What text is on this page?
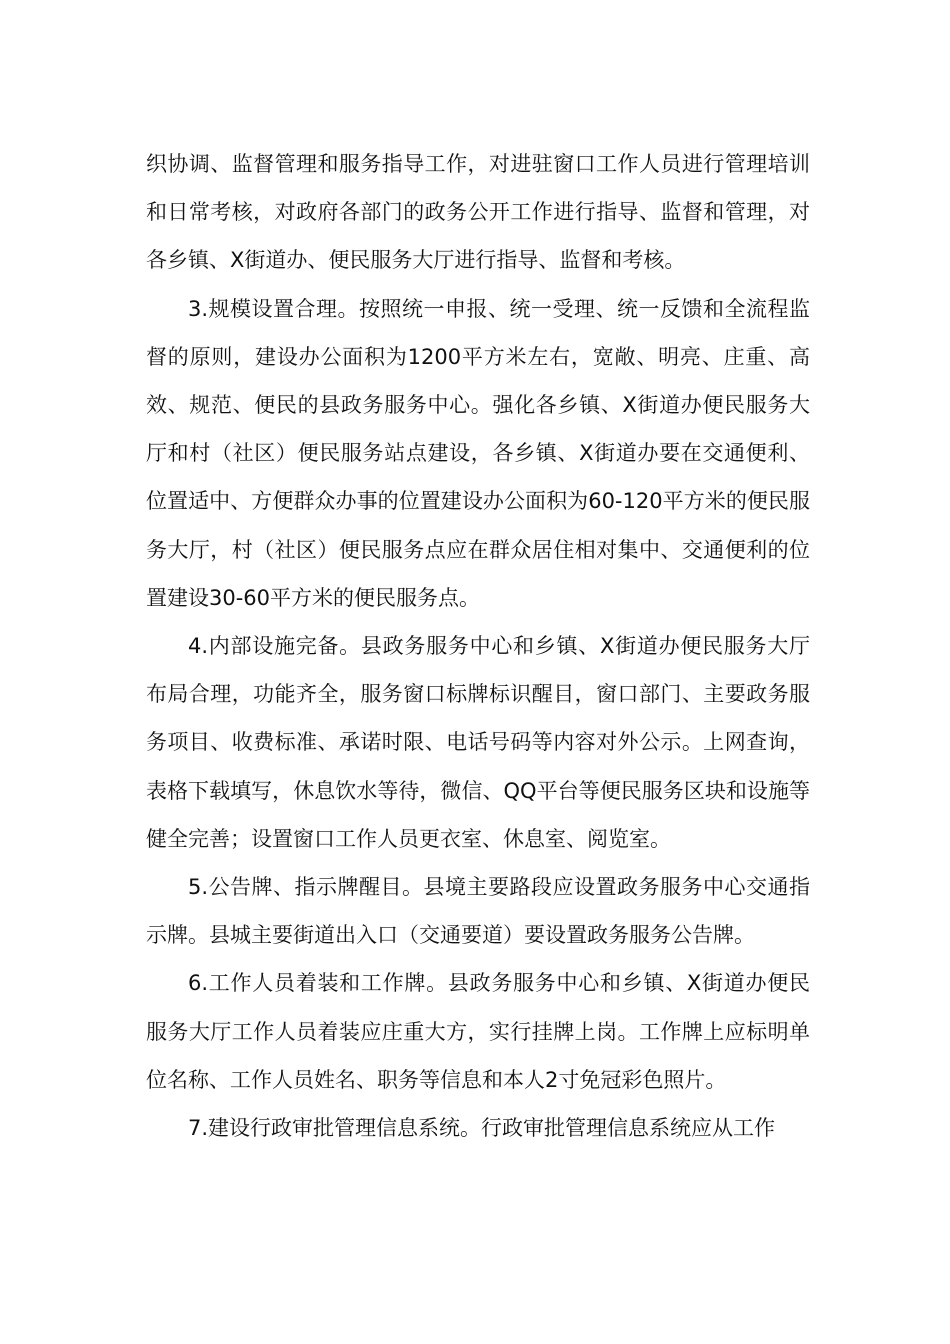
织协调、监督管理和服务指导工作，对进驻窗口工作人员进行管理培训和日常考核，对政府各部门的政务公开工作进行指导、监督和管理，对各乡镇、X街道办、便民服务大厅进行指导、监督和考核。

3.规模设置合理。按照统一申报、统一受理、统一反馈和全流程监督的原则，建设办公面积为1200平方米左右，宽敞、明亮、庄重、高效、规范、便民的县政务服务中心。强化各乡镇、X街道办便民服务大厅和村（社区）便民服务站点建设，各乡镇、X街道办要在交通便利、位置适中、方便群众办事的位置建设办公面积为60-120平方米的便民服务大厅，村（社区）便民服务点应在群众居住相对集中、交通便利的位置建设30-60平方米的便民服务点。

4.内部设施完备。县政务服务中心和乡镇、X街道办便民服务大厅布局合理，功能齐全，服务窗口标牌标识醒目，窗口部门、主要政务服务项目、收费标准、承诺时限、电话号码等内容对外公示。上网查询，表格下载填写，休息饮水等待，微信、QQ平台等便民服务区块和设施等健全完善；设置窗口工作人员更衣室、休息室、阅览室。

5.公告牌、指示牌醒目。县境主要路段应设置政务服务中心交通指示牌。县城主要街道出入口（交通要道）要设置政务服务公告牌。

6.工作人员着装和工作牌。县政务服务中心和乡镇、X街道办便民服务大厅工作人员着装应庄重大方，实行挂牌上岗。工作牌上应标明单位名称、工作人员姓名、职务等信息和本人2寸免冠彩色照片。

7.建设行政审批管理信息系统。行政审批管理信息系统应从工作
